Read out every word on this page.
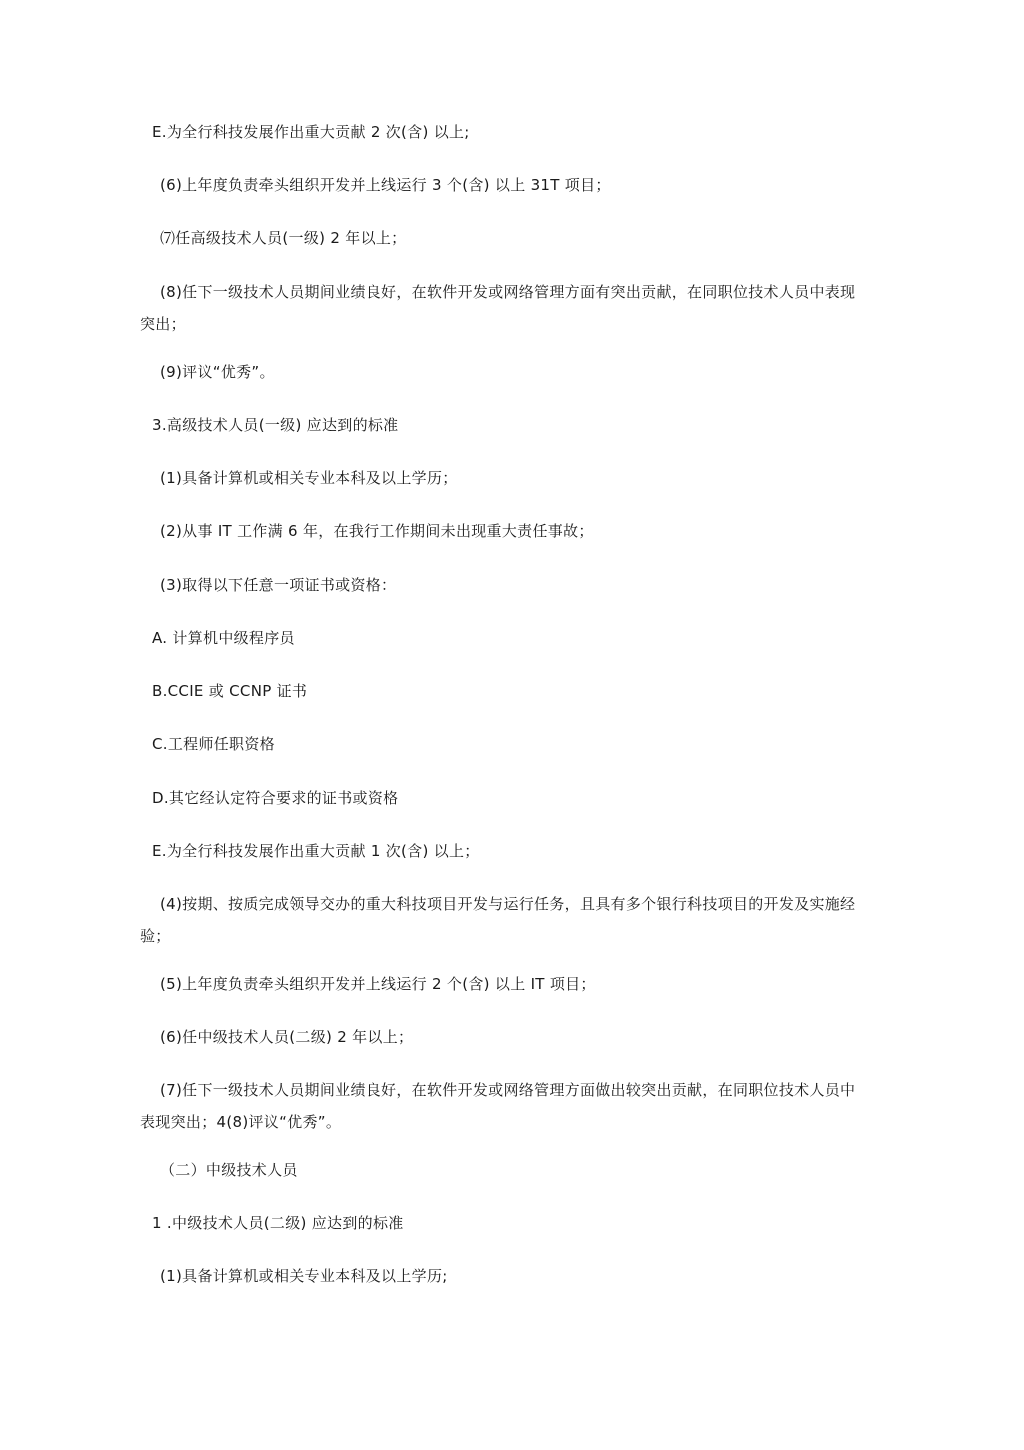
E.为全行科技发展作出重大贡献 2 次(含) 以上;

(6)上年度负责牵头组织开发并上线运行 3 个(含) 以上 31T 项目；

⑺任高级技术人员(一级) 2 年以上；

(8)任下一级技术人员期间业绩良好，在软件开发或网络管理方面有突出贡献，在同职位技术人员中表现突出；

(9)评议“优秀”。

3.高级技术人员(一级) 应达到的标准

(1)具备计算机或相关专业本科及以上学历；

(2)从事 IT 工作满 6 年，在我行工作期间未出现重大责任事故；

(3)取得以下任意一项证书或资格：

A. 计算机中级程序员

B.CCIE 或 CCNP 证书

C.工程师任职资格

D.其它经认定符合要求的证书或资格

E.为全行科技发展作出重大贡献 1 次(含) 以上；

(4)按期、按质完成领导交办的重大科技项目开发与运行任务，且具有多个银行科技项目的开发及实施经验；

(5)上年度负责牵头组织开发并上线运行 2 个(含) 以上 IT 项目；

(6)任中级技术人员(二级) 2 年以上；

(7)任下一级技术人员期间业绩良好，在软件开发或网络管理方面做出较突出贡献，在同职位技术人员中表现突出；4(8)评议“优秀”。

（二）中级技术人员

1 .中级技术人员(二级) 应达到的标准

(1)具备计算机或相关专业本科及以上学历;
